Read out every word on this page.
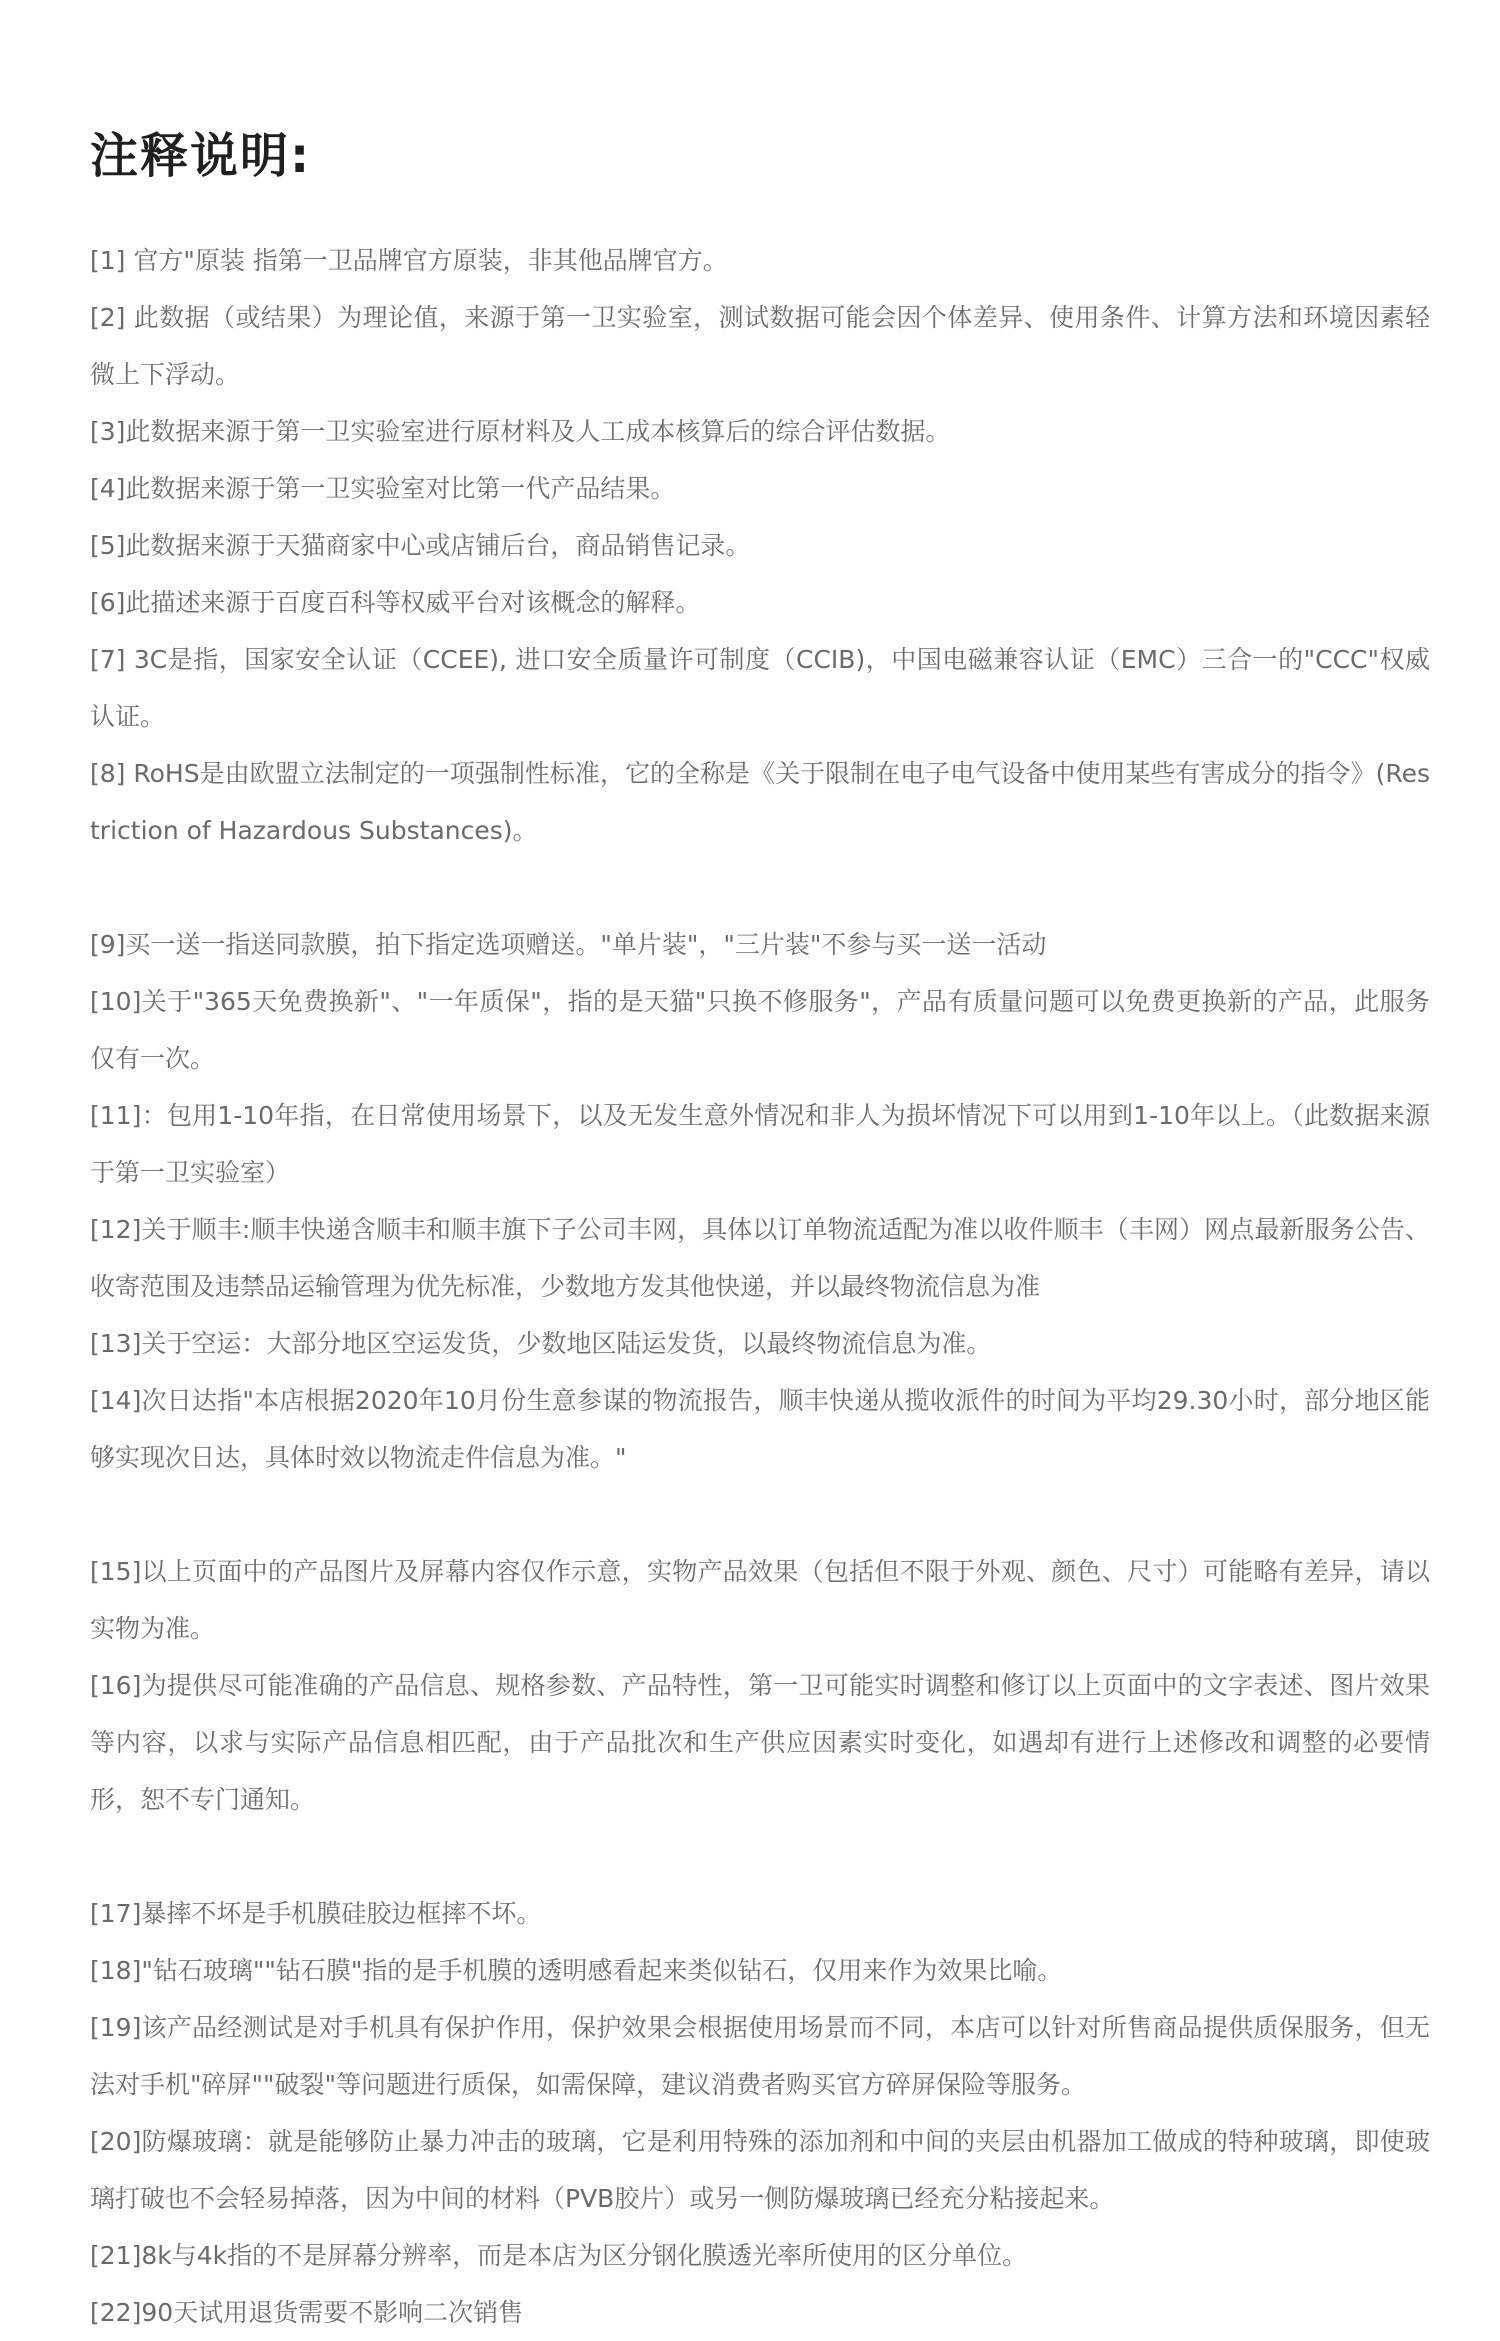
注释说明:

[1] 官方"原装 指第一卫品牌官方原装，非其他品牌官方。

[2] 此数据（或结果）为理论值，来源于第一卫实验室，测试数据可能会因个体差异、使用条件、计算方法和环境因素轻微上下浮动。

[3]此数据来源于第一卫实验室进行原材料及人工成本核算后的综合评估数据。

[4]此数据来源于第一卫实验室对比第一代产品结果。

[5]此数据来源于天猫商家中心或店铺后台，商品销售记录。

[6]此描述来源于百度百科等权威平台对该概念的解释。

[7] 3C是指，国家安全认证（CCEE), 进口安全质量许可制度（CCIB)，中国电磁兼容认证（EMC）三合一的"CCC"权威认证。

[8] RoHS是由欧盟立法制定的一项强制性标准，它的全称是《关于限制在电子电气设备中使用某些有害成分的指令》(Restriction of Hazardous Substances)。

[9]买一送一指送同款膜，拍下指定选项赠送。"单片装"，"三片装"不参与买一送一活动

[10]关于"365天免费换新"、"一年质保"，指的是天猫"只换不修服务"，产品有质量问题可以免费更换新的产品，此服务仅有一次。

[11]：包用1-10年指，在日常使用场景下，以及无发生意外情况和非人为损坏情况下可以用到1-10年以上。（此数据来源于第一卫实验室）

[12]关于顺丰:顺丰快递含顺丰和顺丰旗下子公司丰网，具体以订单物流适配为准以收件顺丰（丰网）网点最新服务公告、收寄范围及违禁品运输管理为优先标准，少数地方发其他快递，并以最终物流信息为准

[13]关于空运：大部分地区空运发货，少数地区陆运发货，以最终物流信息为准。

[14]次日达指"本店根据2020年10月份生意参谋的物流报告，顺丰快递从揽收派件的时间为平均29.30小时，部分地区能够实现次日达，具体时效以物流走件信息为准。"

[15]以上页面中的产品图片及屏幕内容仅作示意，实物产品效果（包括但不限于外观、颜色、尺寸）可能略有差异，请以实物为准。

[16]为提供尽可能准确的产品信息、规格参数、产品特性，第一卫可能实时调整和修订以上页面中的文字表述、图片效果等内容，以求与实际产品信息相匹配，由于产品批次和生产供应因素实时变化，如遇却有进行上述修改和调整的必要情形，恕不专门通知。

[17]暴摔不坏是手机膜硅胶边框摔不坏。

[18]"钻石玻璃""钻石膜"指的是手机膜的透明感看起来类似钻石，仅用来作为效果比喻。

[19]该产品经测试是对手机具有保护作用，保护效果会根据使用场景而不同，本店可以针对所售商品提供质保服务，但无法对手机"碎屏""破裂"等问题进行质保，如需保障，建议消费者购买官方碎屏保险等服务。

[20]防爆玻璃：就是能够防止暴力冲击的玻璃，它是利用特殊的添加剂和中间的夹层由机器加工做成的特种玻璃，即使玻璃打破也不会轻易掉落，因为中间的材料（PVB胶片）或另一侧防爆玻璃已经充分粘接起来。

[21]8k与4k指的不是屏幕分辨率，而是本店为区分钢化膜透光率所使用的区分单位。

[22]90天试用退货需要不影响二次销售
